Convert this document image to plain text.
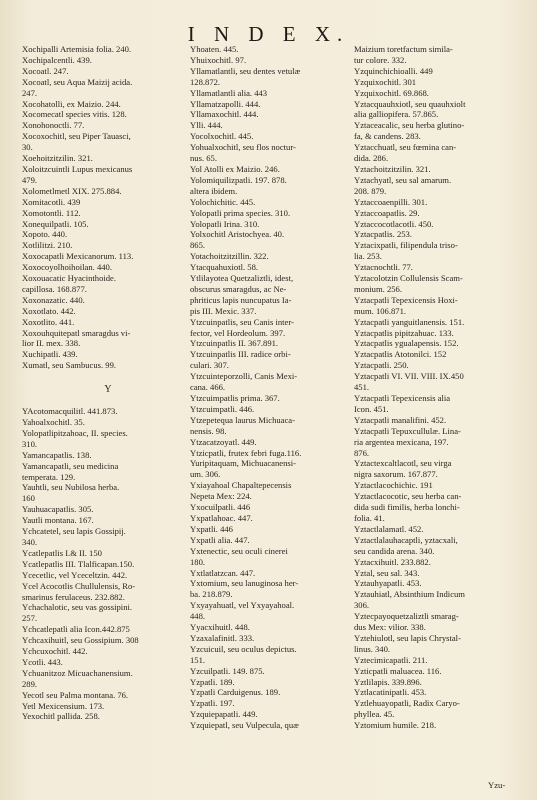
I N D E X.
Xochipalli Artemisia folia. 240.
Xochipalcentli. 439.
Xocoatl. 247.
Xocoatl, seu Aqua Maizij acida.
247.
Xocohatolli, ex Maizio. 244.
Xocomecatl species vitis. 128.
Xonohonoctli. 77.
Xocoxochitl, seu Piper Tauasci,
30.
Xoehoitzitzilin. 321.
Xoloitzcuintli Lupus mexicanus
479.
Xolometlmetl XIX. 275.884.
Xomitacotli. 439
Xomotontli. 112.
Xonequilpatli. 105.
Xopoto. 440.
Xotlilitzi. 210.
Xoxocapatli Mexicanorum. 113.
Xoxocoyolhoihoilan. 440.
Xoxouacatic Hyacinthoide.
capillosa. 168.877.
Xoxonazatic. 440.
Xoxotlato. 442.
Xoxotlito. 441.
Xoxouhquitepatl smaragdus vi-
lior II. mex. 338.
Xuchipatli. 439.
Xumatl, seu Sambucus. 99.
Y
YAcotomacquilitl. 441.873.
Yahoalxochitl. 35.
Yolopatlipitzahoac, II. species.
310.
Yamancapatlis. 138.
Yamancapatli, seu medicina
temperata. 129.
Yauhtli, seu Nubilosa herba.
160
Yauhuacapatlis. 305.
Yautli montana. 167.
Ychcatetel, seu lapis Gossipij.
340.
Ycatlepatlis I.& II. 150
Ycatlepatlis III. Tlalficapan.150.
Ycecetlic, vel Yceceltzin. 442.
Ycel Acocotlis Chullulensis, Ro-
smarinus ferulaceus. 232.882.
Ychachalotic, seu vas gossipini.
257.
Ychcatlepatli alia Icon.442.875
Ychcaxihuitl, seu Gossipium. 308
Ychcuxochitl. 442.
Ycotli. 443.
Ychuanitzoz Micuachanensium.
289.
Yecotl seu Palma montana. 76.
Yetl Mexicensium. 173.
Yexochitl pallida. 258.
Yhoaten. 445.
Yhuixochitl. 97.
Yllamatlantli, seu dentes vetulæ
128.872.
Yllamatlantli alia. 443
Yllamatzapolli. 444.
Yllamaxochitl. 444.
Ylli. 444.
Yocolxochitl. 445.
Yohualxochitl, seu flos noctur-
nus. 65.
Yol Atolli ex Maizio. 246.
Yolomiquilizpatli. 197. 878.
altera ibidem.
Yolochichitic. 445.
Yolopatli prima species. 310.
Yolopatli Irina. 310.
Yolxochitl Aristochyea. 40.
865.
Yotachoitzitzillin. 322.
Ytacquahuxiotl. 58.
Ytlilayotea Quetzaliztli, idest,
obscurus smaragdus, ac Ne-
phriticus lapis nuncupatus Ia-
pis III. Mexic. 337.
Ytzcuinpatlis, seu Canis inter-
fector, vel Hordeolum. 397.
Ytzcuinpatlis II. 367.891.
Ytzcuinpatlis III. radice orbi-
culari. 307.
Ytzcuinteporzolli, Canis Mexi-
cana. 466.
Ytzcuimpatlis prima. 367.
Ytzcuimpatli. 446.
Ytzepetequa laurus Michuaca-
nensis. 98.
Ytzacatzoyatl. 449.
Ytzicpatli, frutex febri fuga.116.
Yuripitaquam, Michuacanensi-
um. 306.
Yxiayahoal Chapaltepecensis
Nepeta Mex: 224.
Yxocuilpatli. 446
Yxpatlahoac. 447.
Yxpatli. 446
Yxpatli alia. 447.
Yxtenectic, seu oculi cinerei
180.
Yxtlatlatzcan. 447.
Yxtomium, seu lanuginosa her-
ba. 218.879.
Yxyayahuatl, vel Yxyayahoal.
448.
Yyacxihuitl. 448.
Yzaxalafinitl. 333.
Yzcuicuil, seu oculus depictus.
151.
Yzcuilpatli. 149. 875.
Yzpatli. 189.
Yzpatli Carduigenus. 189.
Yzpatli. 197.
Yzquiepapatli. 449.
Yzquiepatl, seu Vulpecula, quæ
Maizium toretfactum simila-
tur colore. 332.
Yzquinchichioalli. 449
Yzquixochitl. 301
Yzquixochitl. 69.868.
Yztacquauhxiotl, seu quauhxiolt
alia galliopifera. 57.865.
Yztaceacalic, seu herba glutino-
fa, & candens. 283.
Yztacchuatl, seu fœmina can-
dida. 286.
Yztachoitzitzilin. 321.
Yztachyatl, seu sal amarum.
208. 879.
Yztaccoaenpilli. 301.
Yztaccoapatlis. 29.
Yztaccocotlacotli. 450.
Yztacpatlis. 253.
Yztacixpatli, filipendula triso-
lia. 253.
Yztacnochtli. 77.
Yztacolotzin Collulensis Scam-
monium. 256.
Yztacpatli Tepexicensis Hoxi-
mum. 106.871.
Yztacpatli yanguitlanensis. 151.
Yztacpatlis pipitzahuac. 133.
Yztacpatlis ygualapensis. 152.
Yztacpatlis Atotonilci. 152
Yztacpatli. 250.
Yztacpatli VI. VII. VIII. IX.450
451.
Yztacpatli Tepexicensis alia
Icon. 451.
Yztacpatli manalifini. 452.
Yztacpatli Tepuxcullulæ. Lina-
ria argentea mexicana, 197.
876.
Yztactexcaltlacotl, seu virga
nigra saxorum. 167.877.
Yztactlacochichic. 191
Yztactlacocotic, seu herba can-
dida sudi fimilis, herba lonchi-
folia. 41.
Yztactlalamatl. 452.
Yztactlalauhacaptli, yztacxali,
seu candida arena. 340.
Yztacxihuitl. 233.882.
Yztal, seu sal. 343.
Yztauhyapatli. 453.
Yztauhiatl, Absinthium Indicum
306.
Yztecpayoquetzaliztli smarag-
dus Mex: vilior. 338.
Yztehiulotl, seu lapis Chrystal-
linus. 340.
Yztecimicapatli. 211.
Yzticpatli maluacea. 116.
Yztlilapis. 339.896.
Yztlacatinipatli. 453.
Yztlehuayopatli, Radix Caryo-
phyllea. 45.
Yztomium humile. 218.
Yzu-
